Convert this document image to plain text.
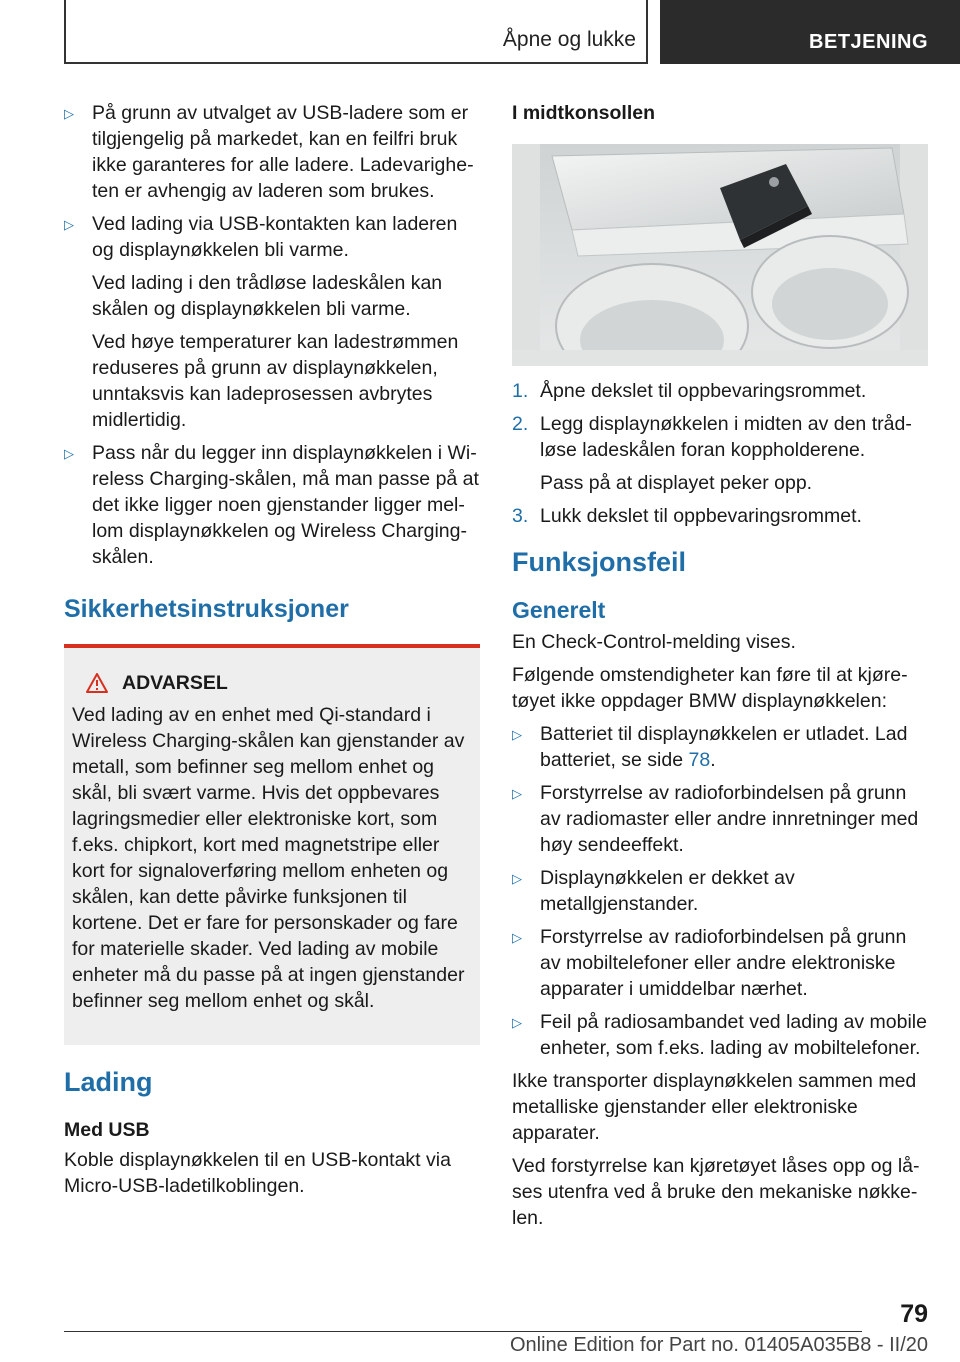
Åpne og lukke	BETJENING
▷ På grunn av utvalget av USB-ladere som er tilgjengelig på markedet, kan en feilfri bruk ikke garanteres for alle ladere. Ladevarigheten er avhengig av laderen som brukes.

▷ Ved lading via USB-kontakten kan laderen og displaynøkkelen bli varme.

Ved lading i den trådløse ladeskålen kan skålen og displaynøkkelen bli varme.

Ved høye temperaturer kan ladestrømmen reduseres på grunn av displaynøkkelen, unntaksvis kan ladeprosessen avbrytes midlertidig.

▷ Pass når du legger inn displaynøkkelen i Wireless Charging-skålen, må man passe på at det ikke ligger noen gjenstander ligger mellom displaynøkkelen og Wireless Charging-skålen.

Sikkerhetsinstruksjoner
ADVARSEL

Ved lading av en enhet med Qi-standard i Wireless Charging-skålen kan gjenstander av metall, som befinner seg mellom enhet og skål, bli svært varme. Hvis det oppbevares lagringsmedier eller elektroniske kort, som f.eks. chipkort, kort med magnetstripe eller kort for signaloverføring mellom enheten og skålen, kan dette påvirke funksjonen til kortene. Det er fare for personskader og fare for materielle skader. Ved lading av mobile enheter må du passe på at ingen gjenstander befinner seg mellom enhet og skål.

Lading
Med USB

Koble displaynøkkelen til en USB-kontakt via Micro-USB-ladetilkoblingen.

I midtkonsollen
1. Åpne dekslet til oppbevaringsrommet.

2. Legg displaynøkkelen i midten av den trådløse ladeskålen foran koppholderene.

Pass på at displayet peker opp.

3. Lukk dekslet til oppbevaringsrommet.

Funksjonsfeil
Generelt

En Check-Control-melding vises.

Følgende omstendigheter kan føre til at kjøretøyet ikke oppdager BMW displaynøkkelen:

▷ Batteriet til displaynøkkelen er utladet. Lad batteriet, se side 78.

▷ Forstyrrelse av radioforbindelsen på grunn av radiomaster eller andre innretninger med høy sendeeffekt.

▷ Displaynøkkelen er dekket av metallgjenstander.

▷ Forstyrrelse av radioforbindelsen på grunn av mobiltelefoner eller andre elektroniske apparater i umiddelbar nærhet.

▷ Feil på radiosambandet ved lading av mobile enheter, som f.eks. lading av mobiltelefoner.

Ikke transporter displaynøkkelen sammen med metalliske gjenstander eller elektroniske apparater.

Ved forstyrrelse kan kjøretøyet låses opp og låses utenfra ved å bruke den mekaniske nøkkelen.

79
Online Edition for Part no. 01405A035B8 - II/20
